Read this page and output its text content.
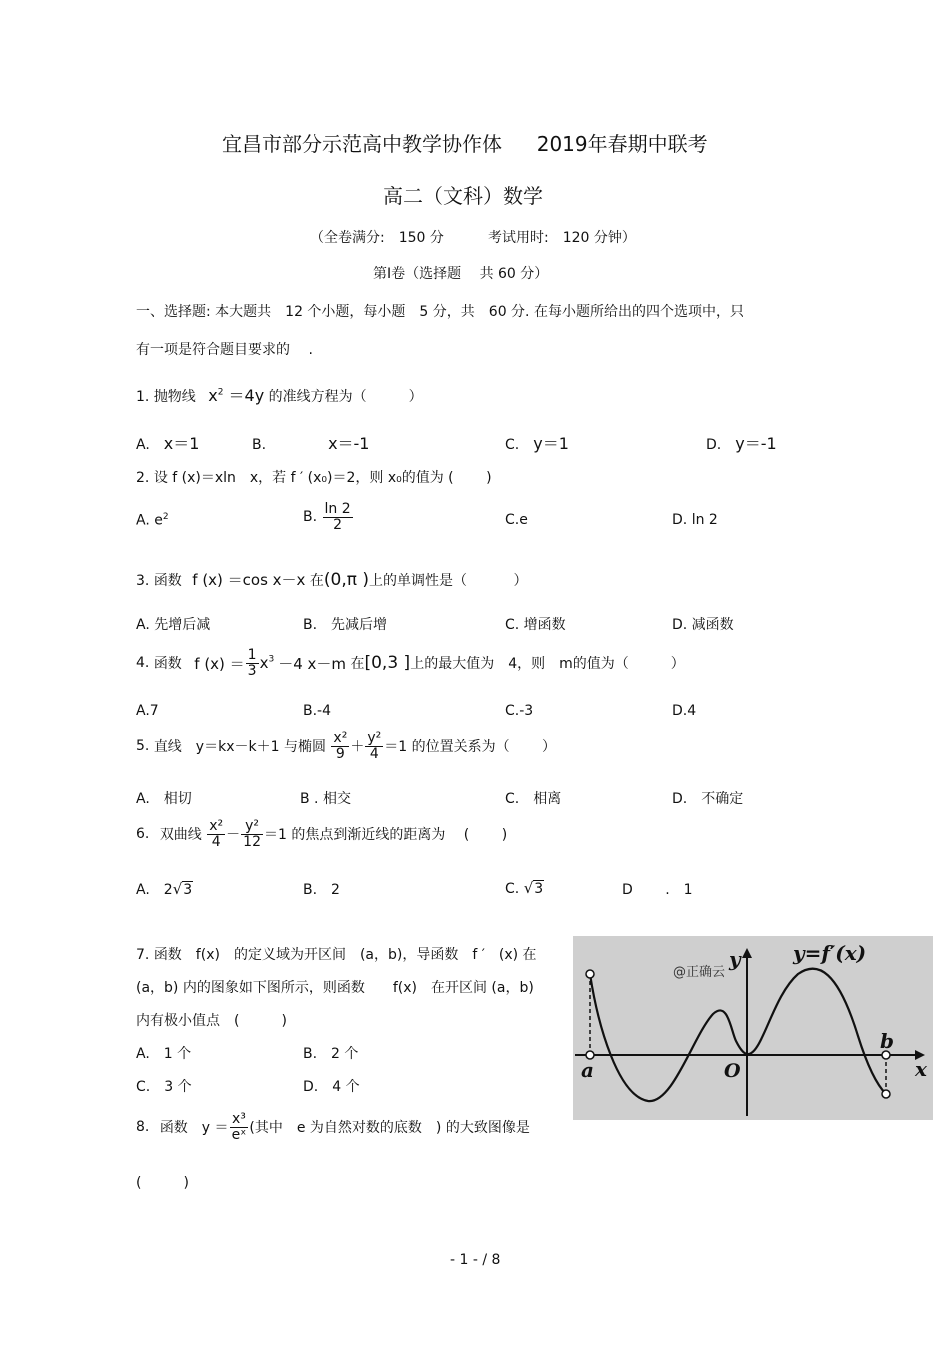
宜昌市部分示范高中教学协作体 2019年春期中联考
高二（文科）数学
（全卷满分:　150 分	考试用时:　120 分钟）
第Ⅰ卷（选择题　 共 60 分）
一、选择题: 本大题共　12 个小题，每小题　5 分，共　60 分. 在每小题所给出的四个选项中，只
有一项是符合题目要求的　 .
1. 抛物线 $x^2 =4y$ 的准线方程为（　　　）
A. x＝1	B.	x＝-1	C. y＝1	D. y＝-1
2. 设 f (x)＝xln　x，若 f ′ (x₀)＝2，则 x₀的值为 (　　 )
A. $e^2$	B. $\frac{\ln 2}{2}$	C.e	D. ln 2
3. 函数 f (x) ＝cos x－x 在(0,π )上的单调性是（　　　 ）
A. 先增后减	B.　先减后增	C. 增函数	D. 减函数
4. 函数 f $(x) = \frac{1}{3} x^3 -4$ x－m 在[0,3 ]上的最大值为　4，则　m的值为（　　　）
A.7	B.-4	C.-3	D.4
5. 直线　y＝kx－k＋1 与椭圆 $\frac{\text{x²}}{9} + \frac{\text{y²}}{4} =1$ 的位置关系为（　　 ）
A.　相切	B . 相交	C.　相离	D.　不确定
6. 双曲线 $\frac{\text{x²}}{4} - \frac{\text{y²}}{12} =1$ 的焦点到渐近线的距离为　 (　　 )
A.　2√3	B.　2	C. √3	D　　 .　1
7. 函数　f(x)　的定义域为开区间　(a，b)，导函数　f ′　(x) 在
(a，b) 内的图象如下图所示，则函数　　f(x)　在开区间 (a，b)
内有极小值点　(　　　)
A.　1 个	B.　2 个
C.　3 个	D.　4 个
y	y=f′(x)
@正确云
x
O
a
b
8. 函数　$y = \frac{\text{x³}}{\text{eˣ}}$ (其中　e 为自然对数的底数　) 的大致图像是
(　　　)
- 1 - / 8
